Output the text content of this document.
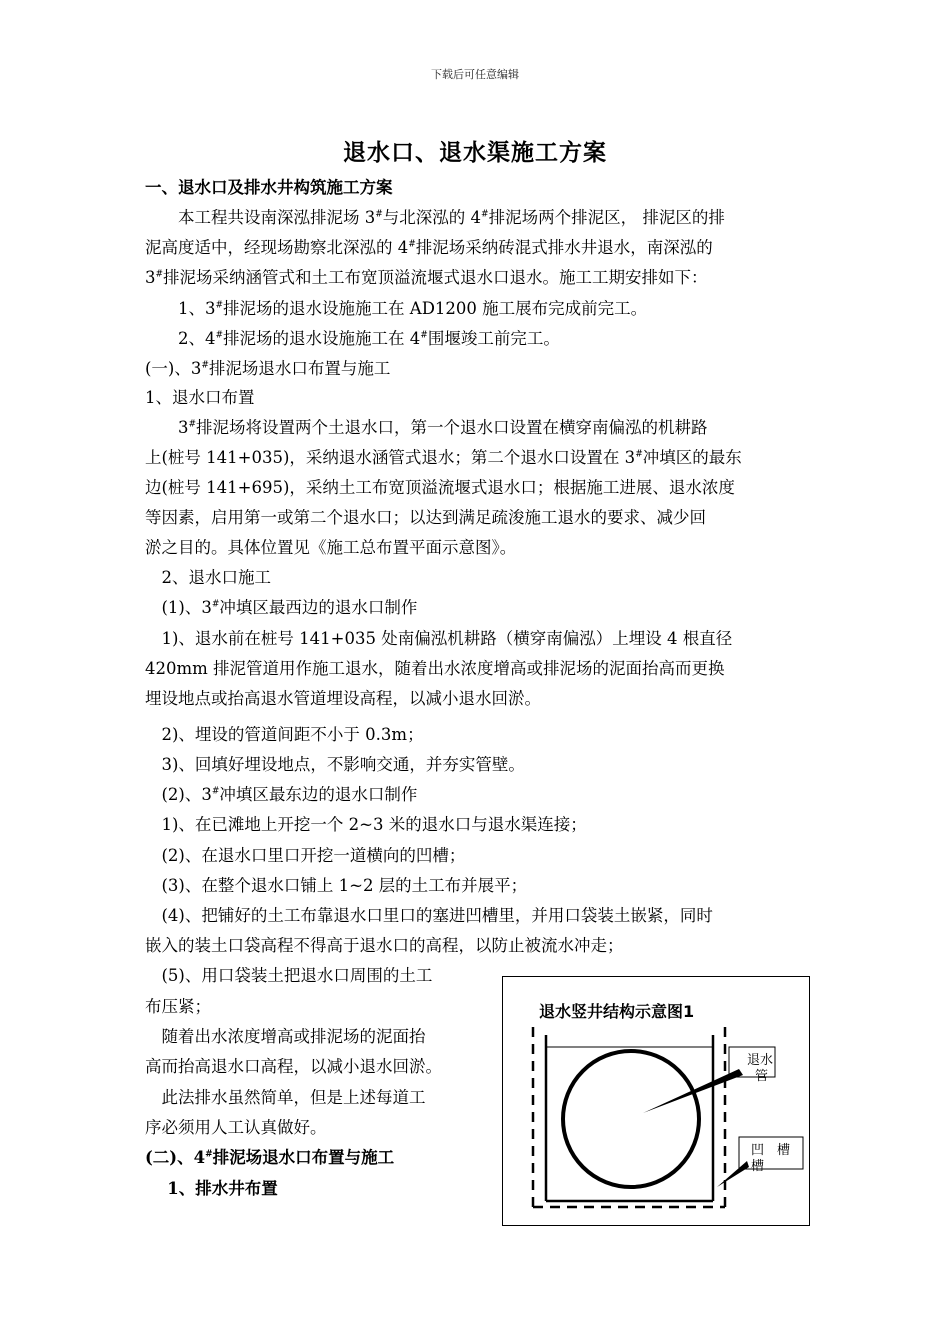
下载后可任意编辑
退水口、退水渠施工方案
一、退水口及排水井构筑施工方案
　　本工程共设南深泓排泥场 3#与北深泓的 4#排泥场两个排泥区， 排泥区的排
泥高度适中，经现场勘察北深泓的 4#排泥场采纳砖混式排水井退水，南深泓的
3#排泥场采纳涵管式和土工布宽顶溢流堰式退水口退水。施工工期安排如下：
　　1、3#排泥场的退水设施施工在 AD1200 施工展布完成前完工。
　　2、4#排泥场的退水设施施工在 4#围堰竣工前完工。
(一)、3#排泥场退水口布置与施工
1、退水口布置
　　3#排泥场将设置两个土退水口，第一个退水口设置在横穿南偏泓的机耕路
上(桩号 141+035)，采纳退水涵管式退水；第二个退水口设置在 3#冲填区的最东
边(桩号 141+695)，采纳土工布宽顶溢流堰式退水口；根据施工进展、退水浓度
等因素，启用第一或第二个退水口；以达到满足疏浚施工退水的要求、减少回
淤之目的。具体位置见《施工总布置平面示意图》。
　2、退水口施工
　(1)、3#冲填区最西边的退水口制作
　1)、退水前在桩号 141+035 处南偏泓机耕路（横穿南偏泓）上埋设 4 根直径
420mm 排泥管道用作施工退水，随着出水浓度增高或排泥场的泥面抬高而更换
埋设地点或抬高退水管道埋设高程，以减小退水回淤。
　2)、埋设的管道间距不小于 0.3m；
　3)、回填好埋设地点，不影响交通，并夯实管壁。
　(2)、3#冲填区最东边的退水口制作
　1)、在已滩地上开挖一个 2~3 米的退水口与退水渠连接；
　(2)、在退水口里口开挖一道横向的凹槽；
　(3)、在整个退水口铺上 1~2 层的土工布并展平；
　(4)、把铺好的土工布靠退水口里口的塞进凹槽里，并用口袋装土嵌紧，同时
嵌入的装土口袋高程不得高于退水口的高程，以防止被流水冲走；
　(5)、用口袋装土把退水口周围的土工
布压紧；
　随着出水浓度增高或排泥场的泥面抬
高而抬高退水口高程，以减小退水回淤。
　此法排水虽然简单，但是上述每道工
序必须用人工认真做好。
(二)、4#排泥场退水口布置与施工
　 1、排水井布置
退水竖井结构示意图1
退水
管
凹　槽
槽
